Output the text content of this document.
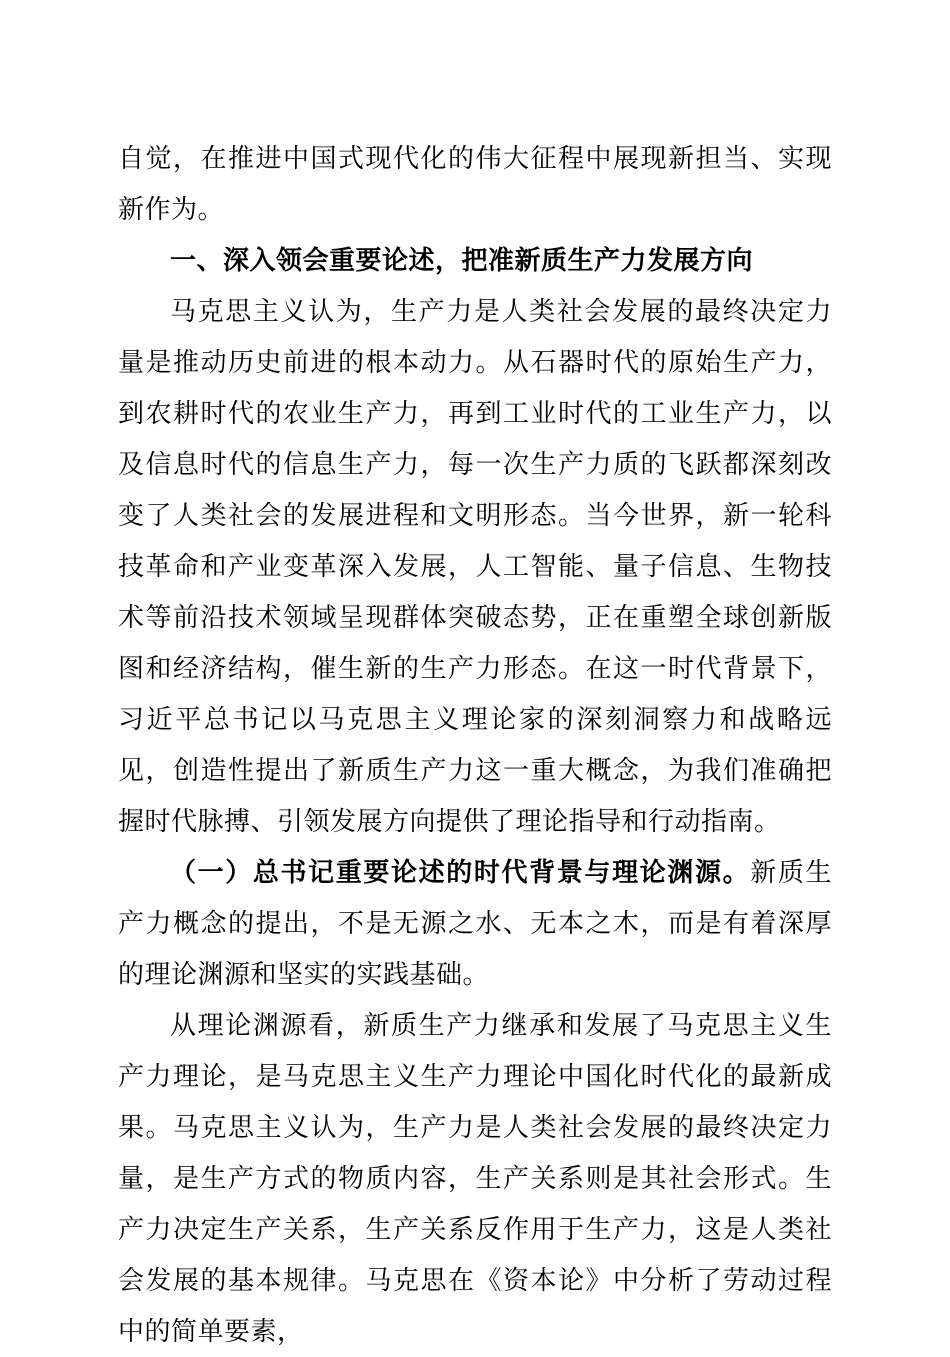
自觉，在推进中国式现代化的伟大征程中展现新担当、实现新作为。

一、深入领会重要论述，把准新质生产力发展方向

马克思主义认为，生产力是人类社会发展的最终决定力量是推动历史前进的根本动力。从石器时代的原始生产力，到农耕时代的农业生产力，再到工业时代的工业生产力，以及信息时代的信息生产力，每一次生产力质的飞跃都深刻改变了人类社会的发展进程和文明形态。当今世界，新一轮科技革命和产业变革深入发展，人工智能、量子信息、生物技术等前沿技术领域呈现群体突破态势，正在重塑全球创新版图和经济结构，催生新的生产力形态。在这一时代背景下，习近平总书记以马克思主义理论家的深刻洞察力和战略远见，创造性提出了新质生产力这一重大概念，为我们准确把握时代脉搏、引领发展方向提供了理论指导和行动指南。

（一）总书记重要论述的时代背景与理论渊源。新质生产力概念的提出，不是无源之水、无本之木，而是有着深厚的理论渊源和坚实的实践基础。

从理论渊源看，新质生产力继承和发展了马克思主义生产力理论，是马克思主义生产力理论中国化时代化的最新成果。马克思主义认为，生产力是人类社会发展的最终决定力量，是生产方式的物质内容，生产关系则是其社会形式。生产力决定生产关系，生产关系反作用于生产力，这是人类社会发展的基本规律。马克思在《资本论》中分析了劳动过程中的简单要素，
